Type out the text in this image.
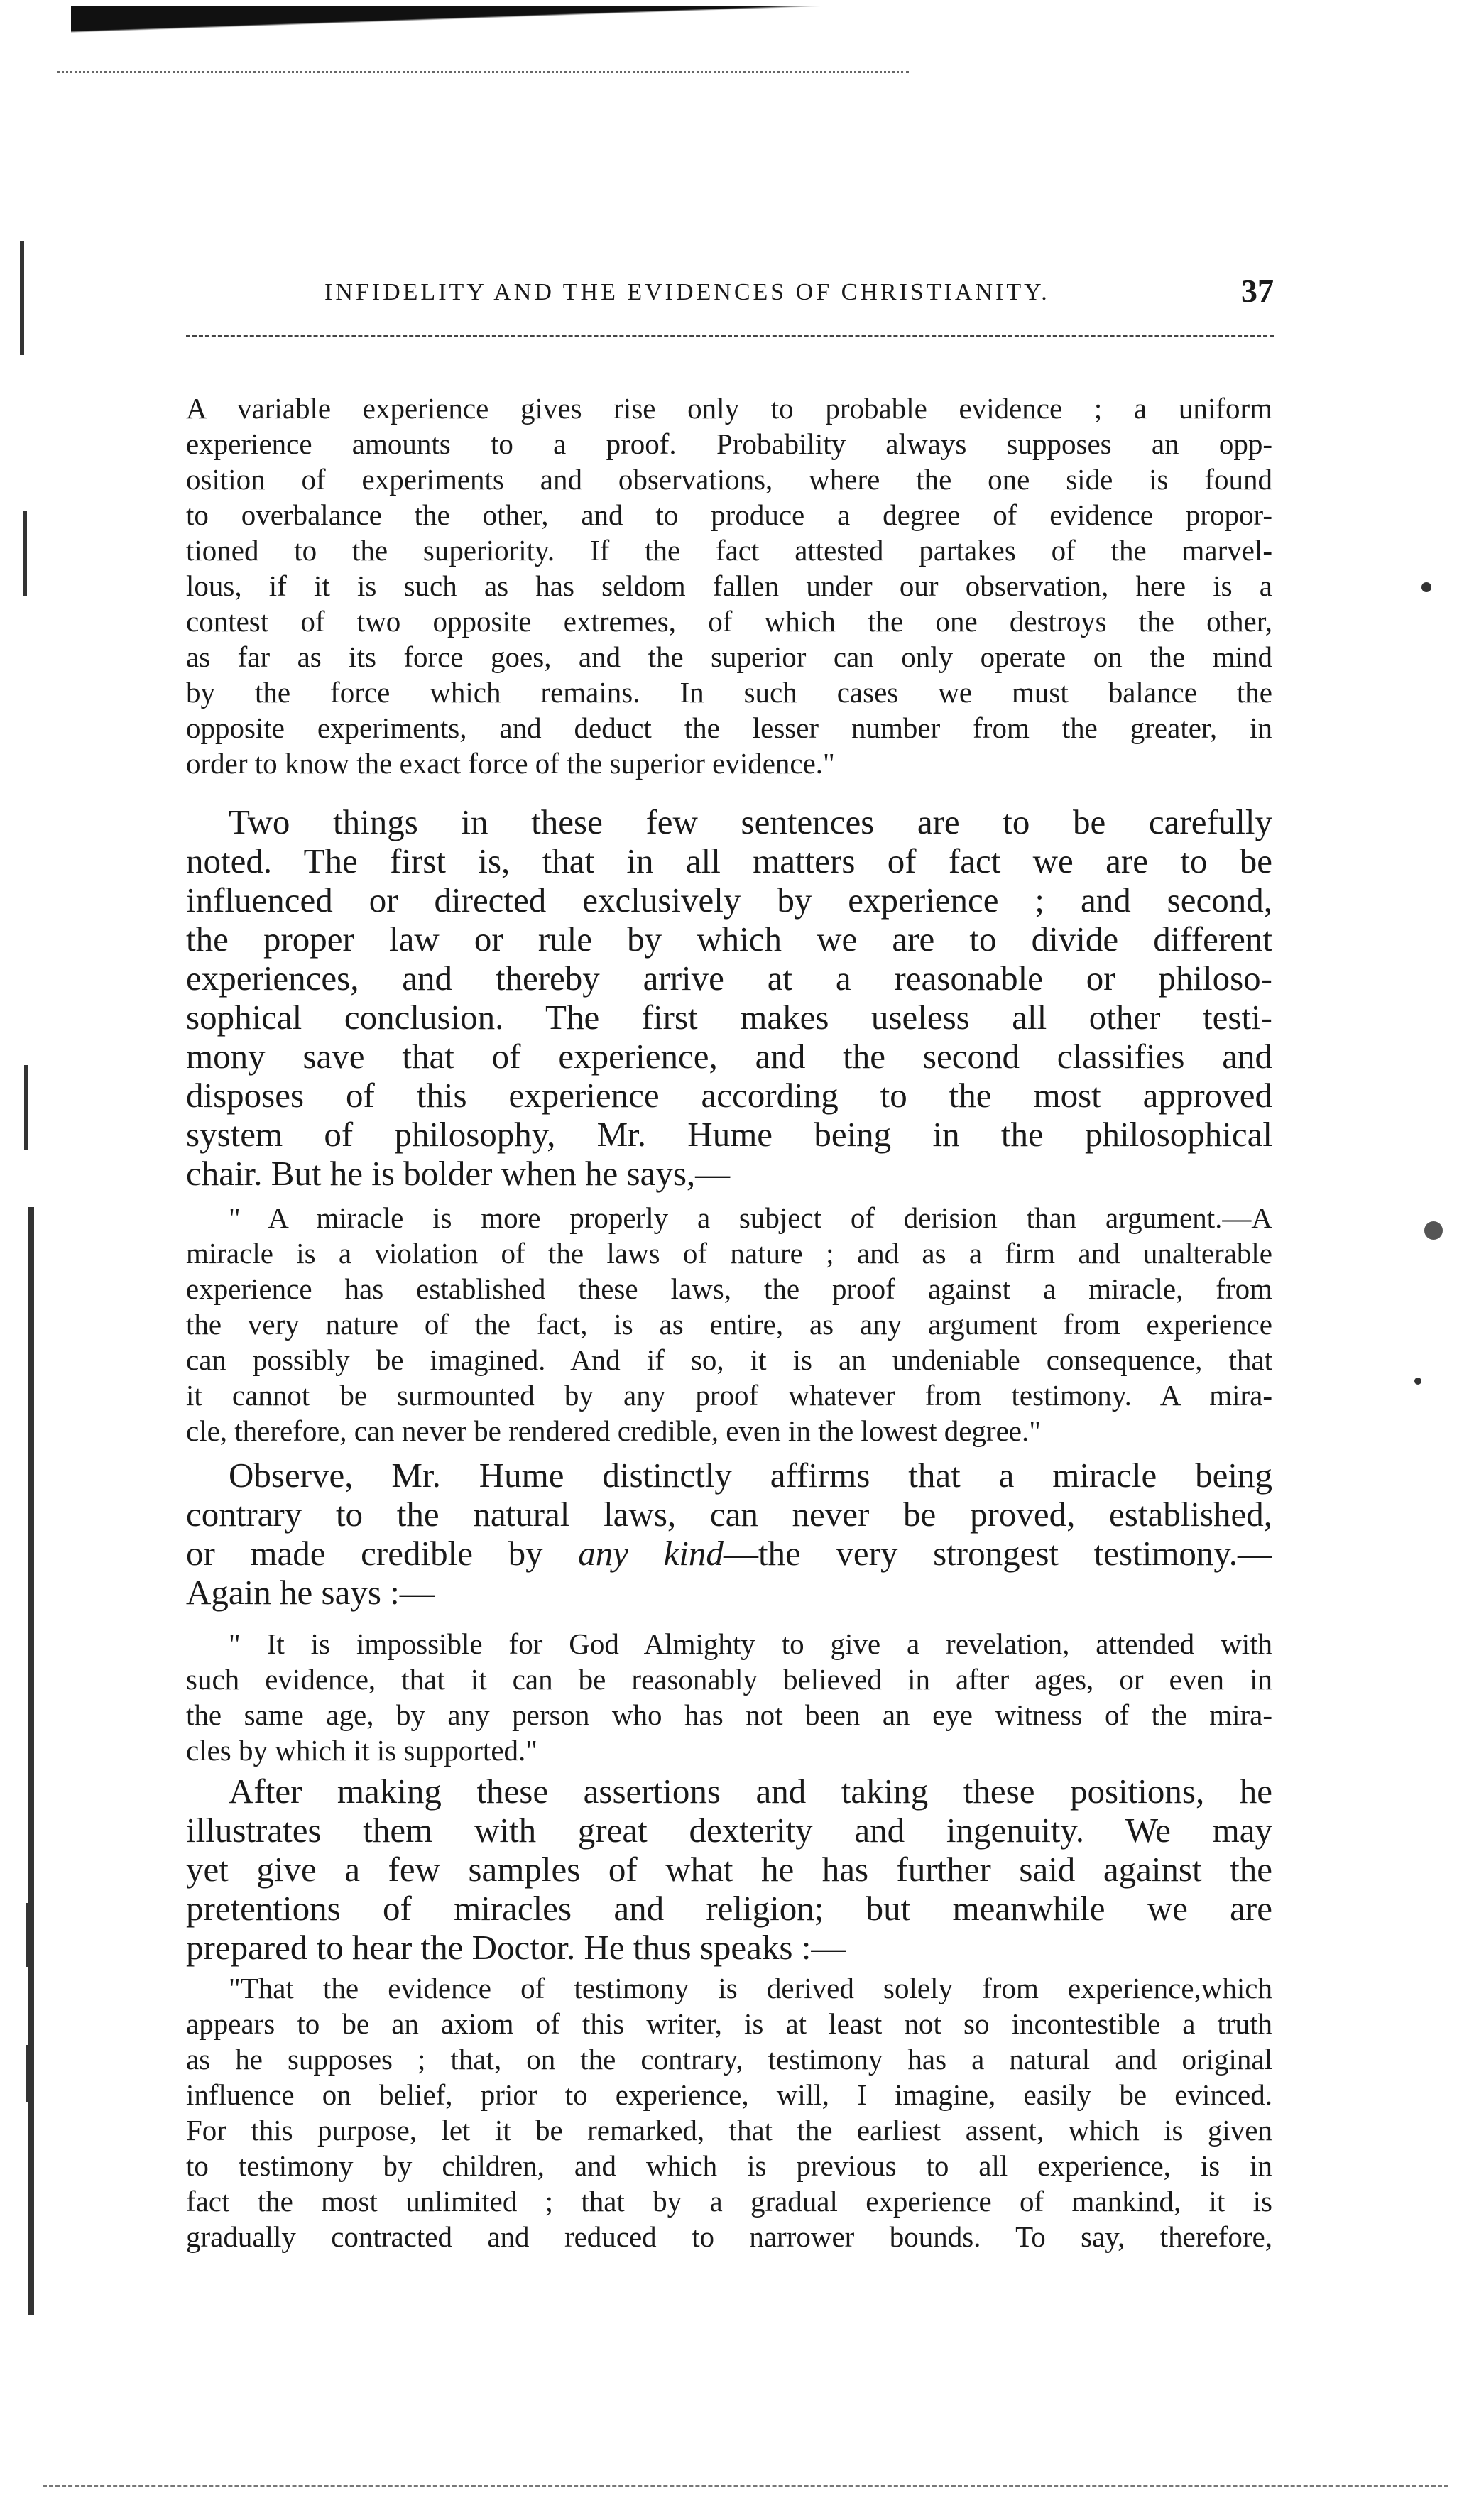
INFIDELITY AND THE EVIDENCES OF CHRISTIANITY.	37
A variable experience gives rise only to probable evidence ; a uniform
experience amounts to a proof. Probability always supposes an opp-
osition of experiments and observations, where the one side is found
to overbalance the other, and to produce a degree of evidence propor-
tioned to the superiority. If the fact attested partakes of the marvel-
lous, if it is such as has seldom fallen under our observation, here is a
contest of two opposite extremes, of which the one destroys the other,
as far as its force goes, and the superior can only operate on the mind
by the force which remains. In such cases we must balance the
opposite experiments, and deduct the lesser number from the greater, in
order to know the exact force of the superior evidence."
Two things in these few sentences are to be carefully
noted. The first is, that in all matters of fact we are to be
influenced or directed exclusively by experience ; and second,
the proper law or rule by which we are to divide different
experiences, and thereby arrive at a reasonable or philoso-
sophical conclusion. The first makes useless all other testi-
mony save that of experience, and the second classifies and
disposes of this experience according to the most approved
system of philosophy, Mr. Hume being in the philosophical
chair. But he is bolder when he says,—
" A miracle is more properly a subject of derision than argument.—A
miracle is a violation of the laws of nature ; and as a firm and unalterable
experience has established these laws, the proof against a miracle, from
the very nature of the fact, is as entire, as any argument from experience
can possibly be imagined. And if so, it is an undeniable consequence, that
it cannot be surmounted by any proof whatever from testimony. A mira-
cle, therefore, can never be rendered credible, even in the lowest degree."
Observe, Mr. Hume distinctly affirms that a miracle being
contrary to the natural laws, can never be proved, established,
or made credible by any kind—the very strongest testimony.—
Again he says :—
" It is impossible for God Almighty to give a revelation, attended with
such evidence, that it can be reasonably believed in after ages, or even in
the same age, by any person who has not been an eye witness of the mira-
cles by which it is supported."
After making these assertions and taking these positions, he
illustrates them with great dexterity and ingenuity. We may
yet give a few samples of what he has further said against the
pretentions of miracles and religion; but meanwhile we are
prepared to hear the Doctor. He thus speaks :—
"That the evidence of testimony is derived solely from experience,which
appears to be an axiom of this writer, is at least not so incontestible a truth
as he supposes ; that, on the contrary, testimony has a natural and original
influence on belief, prior to experience, will, I imagine, easily be evinced.
For this purpose, let it be remarked, that the earliest assent, which is given
to testimony by children, and which is previous to all experience, is in
fact the most unlimited ; that by a gradual experience of mankind, it is
gradually contracted and reduced to narrower bounds. To say, therefore,
